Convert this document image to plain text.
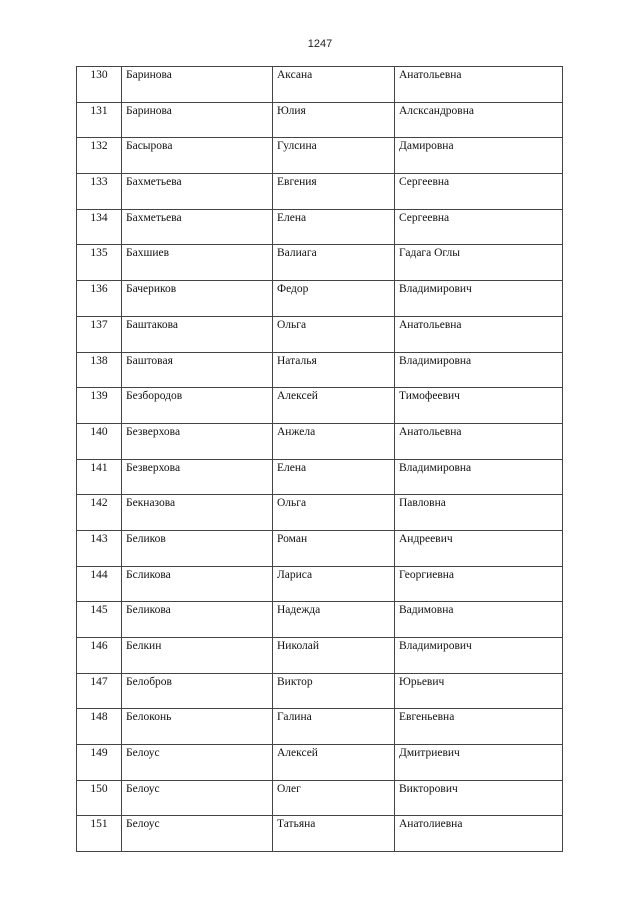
1247
130	Баринова	Аксана	Анатольевна
131	Баринова	Юлия	Алсксандровна
132	Басырова	Гулсина	Дамировна
133	Бахметьева	Евгения	Сергеевна
134	Бахметьева	Елена	Сергеевна
135	Бахшиев	Валиага	Гадага Оглы
136	Бачериков	Федор	Владимирович
137	Баштакова	Ольга	Анатольевна
138	Баштовая	Наталья	Владимировна
139	Безбородов	Алексей	Тимофеевич
140	Безверхова	Анжела	Анатольевна
141	Безверхова	Елена	Владимировна
142	Бекназова	Ольга	Павловна
143	Беликов	Роман	Андреевич
144	Бсликова	Лариса	Георгиевна
145	Беликова	Надежда	Вадимовна
146	Белкин	Николай	Владимирович
147	Белобров	Виктор	Юрьевич
148	Белоконь	Галина	Евгеньевна
149	Белоус	Алексей	Дмитриевич
150	Белоус	Олег	Викторович
151	Белоус	Татьяна	Анатолиевна
